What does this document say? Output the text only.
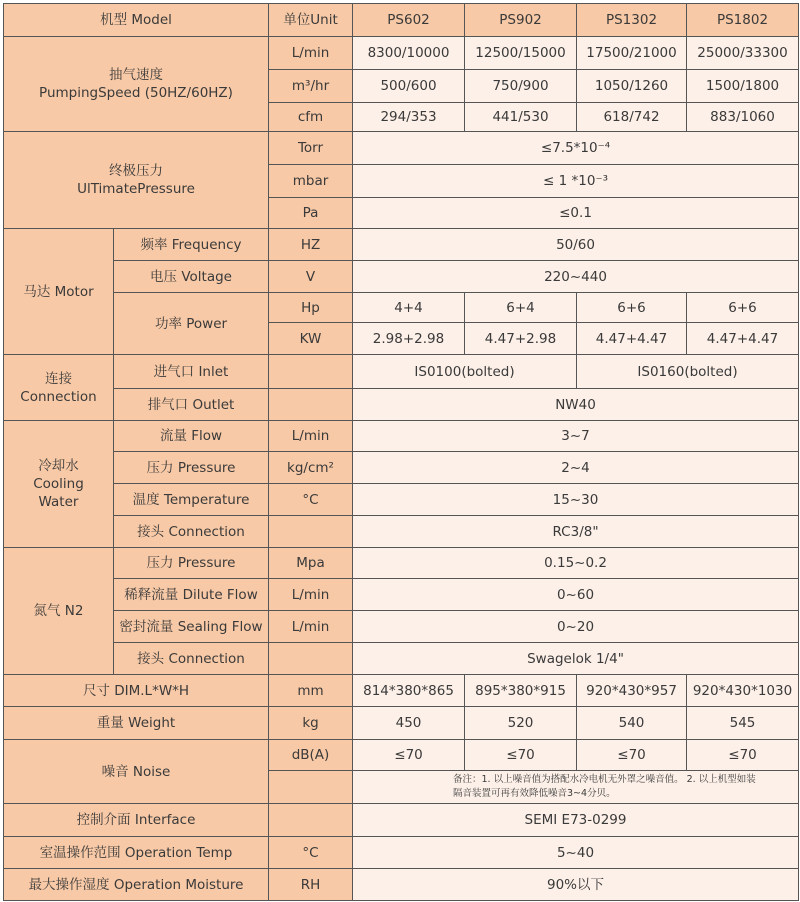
机型 Model		单位Unit	PS602	PS902	PS1302	PS1802

抽气速度
PumpingSpeed (50HZ/60HZ)		L/min	8300/10000	12500/15000	17500/21000	25000/33300
		m³/hr	500/600	750/900	1050/1260	1500/1800
		cfm	294/353	441/530	618/742	883/1060

终极压力
UlTimatePressure		Torr	≤7.5*10⁻⁴			
		mbar	≤ 1 *10⁻³			
		Pa	≤0.1			
马达 Motor	频率 Frequency	HZ	50/60			
	电压 Voltage	V	220~440			
	功率 Power	Hp	4+4	6+4	6+6	6+6
		KW	2.98+2.98	4.47+2.98	4.47+4.47	4.47+4.47

连接
Connection	进气口 Inlet		IS0100(bolted)		IS0160(bolted)	
	排气口 Outlet		NW40			

冷却水
Cooling
Water	流量 Flow	L/min	3~7			
	压力 Pressure	kg/cm²	2~4			
	温度 Temperature	°C	15~30			
	接头 Connection		RC3/8"			
氮气 N2	压力 Pressure	Mpa	0.15~0.2			
	稀释流量 Dilute Flow	L/min	0~60			
	密封流量 Sealing Flow	L/min	0~20			
	接头 Connection		Swagelok 1/4"			
尺寸 DIM.L*W*H		mm	814*380*865	895*380*915	920*430*957	920*430*1030
重量 Weight		kg	450	520	540	545
噪音 Noise		dB(A)	≤70	≤70	≤70	≤70
			备注：1. 以上噪音值为搭配水冷电机无外罩之噪音值。 2. 以上机型如装隔音装置可再有效降低噪音3~4分贝。			
控制介面 Interface			SEMI E73-0299			
室温操作范围 Operation Temp		°C	5~40			
最大操作湿度 Operation Moisture		RH	90%以下			
